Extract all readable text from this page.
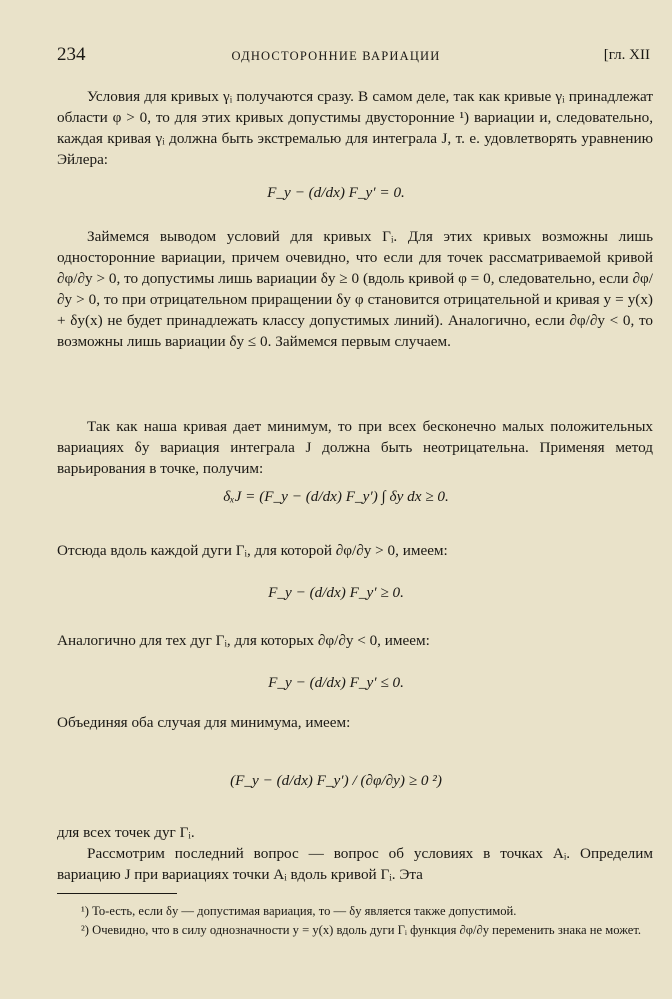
234	ОДНОСТОРОННИЕ ВАРИАЦИИ	[гл. XII
Условия для кривых γᵢ получаются сразу. В самом деле, так как кривые γᵢ принадлежат области φ > 0, то для этих кривых допустимы двусторонние ¹) вариации и, следовательно, каждая кривая γᵢ должна быть экстремалью для интеграла J, т. е. удовлетворять уравнению Эйлера:
F_y − (d/dx) F_y′ = 0.
Займемся выводом условий для кривых Γᵢ. Для этих кривых возможны лишь односторонние вариации, причем очевидно, что если для точек рассматриваемой кривой ∂φ/∂y > 0, то допустимы лишь вариации δy ≥ 0 (вдоль кривой φ = 0, следовательно, если ∂φ/∂y > 0, то при отрицательном приращении δy φ становится отрицательной и кривая y = y(x) + δy(x) не будет принадлежать классу допустимых линий). Аналогично, если ∂φ/∂y < 0, то возможны лишь вариации δy ≤ 0. Займемся первым случаем.
Так как наша кривая дает минимум, то при всех бесконечно малых положительных вариациях δy вариация интеграла J должна быть неотрицательна. Применяя метод варьирования в точке, получим:
δₓJ = (F_y − (d/dx) F_y′) ∫ δy dx ≥ 0.
Отсюда вдоль каждой дуги Γᵢ, для которой ∂φ/∂y > 0, имеем:
F_y − (d/dx) F_y′ ≥ 0.
Аналогично для тех дуг Γᵢ, для которых ∂φ/∂y < 0, имеем:
F_y − (d/dx) F_y′ ≤ 0.
Объединяя оба случая для минимума, имеем:
(F_y − (d/dx) F_y′) / (∂φ/∂y) ≥ 0 ²)
для всех точек дуг Γᵢ.
Рассмотрим последний вопрос — вопрос об условиях в точках Aᵢ. Определим вариацию J при вариациях точки Aᵢ вдоль кривой Γᵢ. Эта
¹) То-есть, если δy — допустимая вариация, то — δy является также допустимой.
²) Очевидно, что в силу однозначности y = y(x) вдоль дуги Γᵢ функция ∂φ/∂y переменить знака не может.
